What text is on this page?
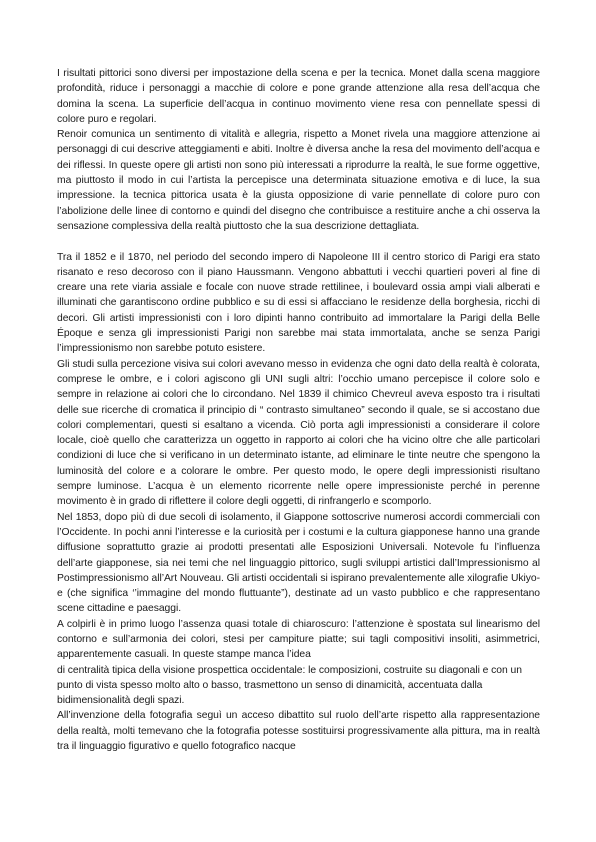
I risultati pittorici sono diversi per impostazione della scena e per la tecnica. Monet dalla scena maggiore profondità, riduce i personaggi a macchie di colore e pone grande attenzione alla resa dell’acqua che domina la scena. La superficie dell’acqua in continuo movimento viene resa con pennellate spessi di colore puro e regolari.

Renoir comunica un sentimento di vitalità e allegria, rispetto a Monet rivela una maggiore attenzione ai personaggi di cui descrive atteggiamenti e abiti. Inoltre è diversa anche la resa del movimento dell’acqua e dei riflessi. In queste opere gli artisti non sono più interessati a riprodurre la realtà, le sue forme oggettive, ma piuttosto il modo in cui l’artista la percepisce una determinata situazione emotiva e di luce, la sua impressione. la tecnica pittorica usata è la giusta opposizione di varie pennellate di colore puro con l’abolizione delle linee di contorno e quindi del disegno che contribuisce a restituire anche a chi osserva la sensazione complessiva della realtà piuttosto che la sua descrizione dettagliata.

Tra il 1852 e il 1870, nel periodo del secondo impero di Napoleone III il centro storico di Parigi era stato risanato e reso decoroso con il piano Haussmann. Vengono abbattuti i vecchi quartieri poveri al fine di creare una rete viaria assiale e focale con nuove strade rettilinee, i boulevard ossia ampi viali alberati e illuminati che garantiscono ordine pubblico e su di essi si affacciano le residenze della borghesia, ricchi di decori. Gli artisti impressionisti con i loro dipinti hanno contribuito ad immortalare la Parigi della Belle Époque e senza gli impressionisti Parigi non sarebbe mai stata immortalata, anche se senza Parigi l’impressionismo non sarebbe potuto esistere.

Gli studi sulla percezione visiva sui colori avevano messo in evidenza che ogni dato della realtà è colorata, comprese le ombre, e i colori agiscono gli UNI sugli altri: l’occhio umano percepisce il colore solo e sempre in relazione ai colori che lo circondano. Nel 1839 il chimico Chevreul aveva esposto tra i risultati delle sue ricerche di cromatica il principio di “ contrasto simultaneo” secondo il quale, se si accostano due colori complementari, questi si esaltano a vicenda. Ciò porta agli impressionisti a considerare il colore locale, cioè quello che caratterizza un oggetto in rapporto ai colori che ha vicino oltre che alle particolari condizioni di luce che si verificano in un determinato istante, ad eliminare le tinte neutre che spengono la luminosità del colore e a colorare le ombre. Per questo modo, le opere degli impressionisti risultano sempre luminose. L’acqua è un elemento ricorrente nelle opere impressioniste perché in perenne movimento è in grado di riflettere il colore degli oggetti, di rinfrangerlo e scomporlo.

Nel 1853, dopo più di due secoli di isolamento, il Giappone sottoscrive numerosi accordi commerciali con l’Occidente. In pochi anni l’interesse e la curiosità per i costumi e la cultura giapponese hanno una grande diffusione soprattutto grazie ai prodotti presentati alle Esposizioni Universali. Notevole fu l’influenza dell’arte giapponese, sia nei temi che nel linguaggio pittorico, sugli sviluppi artistici dall’Impressionismo al Postimpressionismo all’Art Nouveau. Gli artisti occidentali si ispirano prevalentemente alle xilografie Ukiyo-e (che significa ‘’immagine del mondo fluttuante”), destinate ad un vasto pubblico e che rappresentano scene cittadine e paesaggi.

A colpirli è in primo luogo l’assenza quasi totale di chiaroscuro: l’attenzione è spostata sul linearismo del contorno e sull’armonia dei colori, stesi per campiture piatte; sui tagli compositivi insoliti, asimmetrici, apparentemente casuali. In queste stampe manca l’idea

di centralità tipica della visione prospettica occidentale: le composizioni, costruite su diagonali e con un punto di vista spesso molto alto o basso, trasmettono un senso di dinamicità, accentuata dalla bidimensionalità degli spazi.

All’invenzione della fotografia seguì un acceso dibattito sul ruolo dell’arte rispetto alla rappresentazione della realtà, molti temevano che la fotografia potesse sostituirsi progressivamente alla pittura, ma in realtà tra il linguaggio figurativo e quello fotografico nacque
